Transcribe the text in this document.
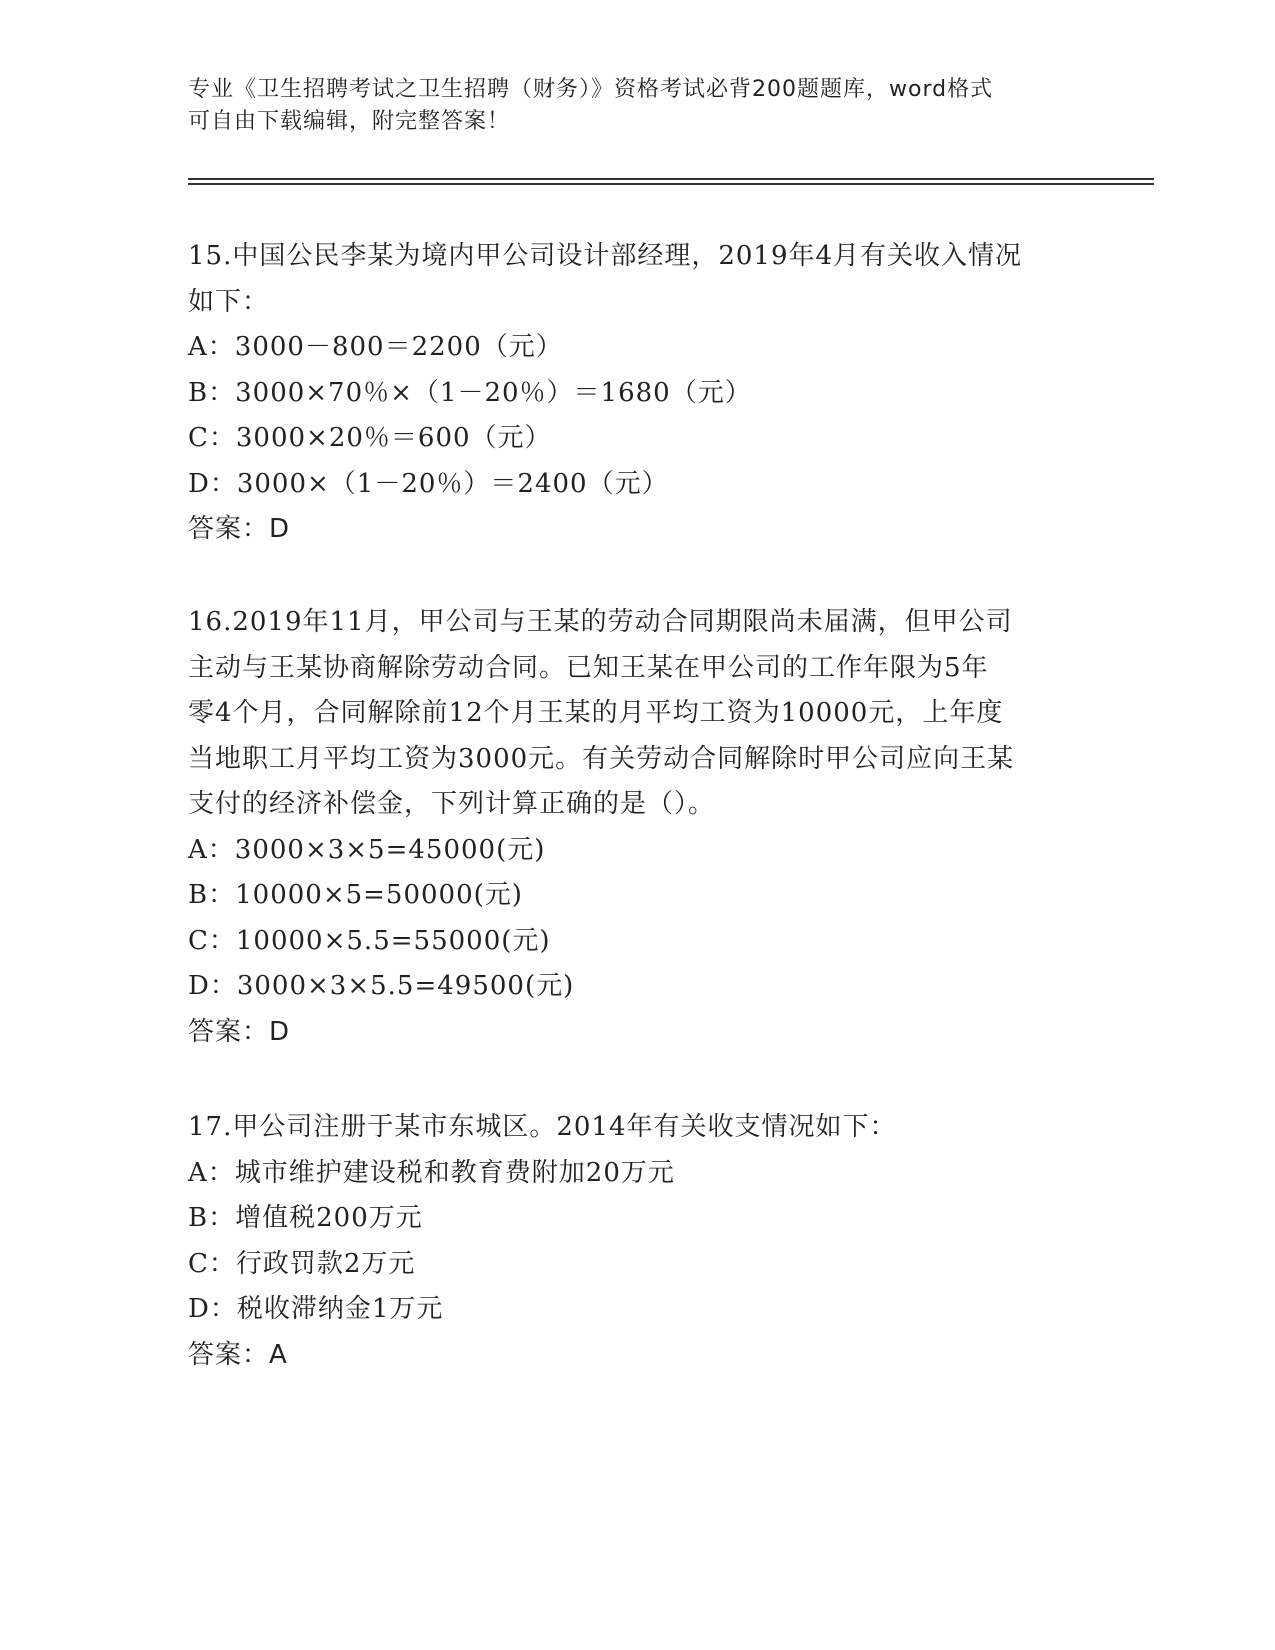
专业《卫生招聘考试之卫生招聘（财务）》资格考试必背200题题库，word格式
可自由下载编辑，附完整答案！
15.中国公民李某为境内甲公司设计部经理，2019年4月有关收入情况
如下：
A：3000－800＝2200（元）
B：3000×70％×（1－20％）＝1680（元）
C：3000×20％＝600（元）
D：3000×（1－20％）＝2400（元）
答案：D
16.2019年11月，甲公司与王某的劳动合同期限尚未届满，但甲公司
主动与王某协商解除劳动合同。已知王某在甲公司的工作年限为5年
零4个月，合同解除前12个月王某的月平均工资为10000元，上年度
当地职工月平均工资为3000元。有关劳动合同解除时甲公司应向王某
支付的经济补偿金，下列计算正确的是（）。
A：3000×3×5=45000(元)
B：10000×5=50000(元)
C：10000×5.5=55000(元)
D：3000×3×5.5=49500(元)
答案：D
17.甲公司注册于某市东城区。2014年有关收支情况如下：
A：城市维护建设税和教育费附加20万元
B：增值税200万元
C：行政罚款2万元
D：税收滞纳金1万元
答案：A
